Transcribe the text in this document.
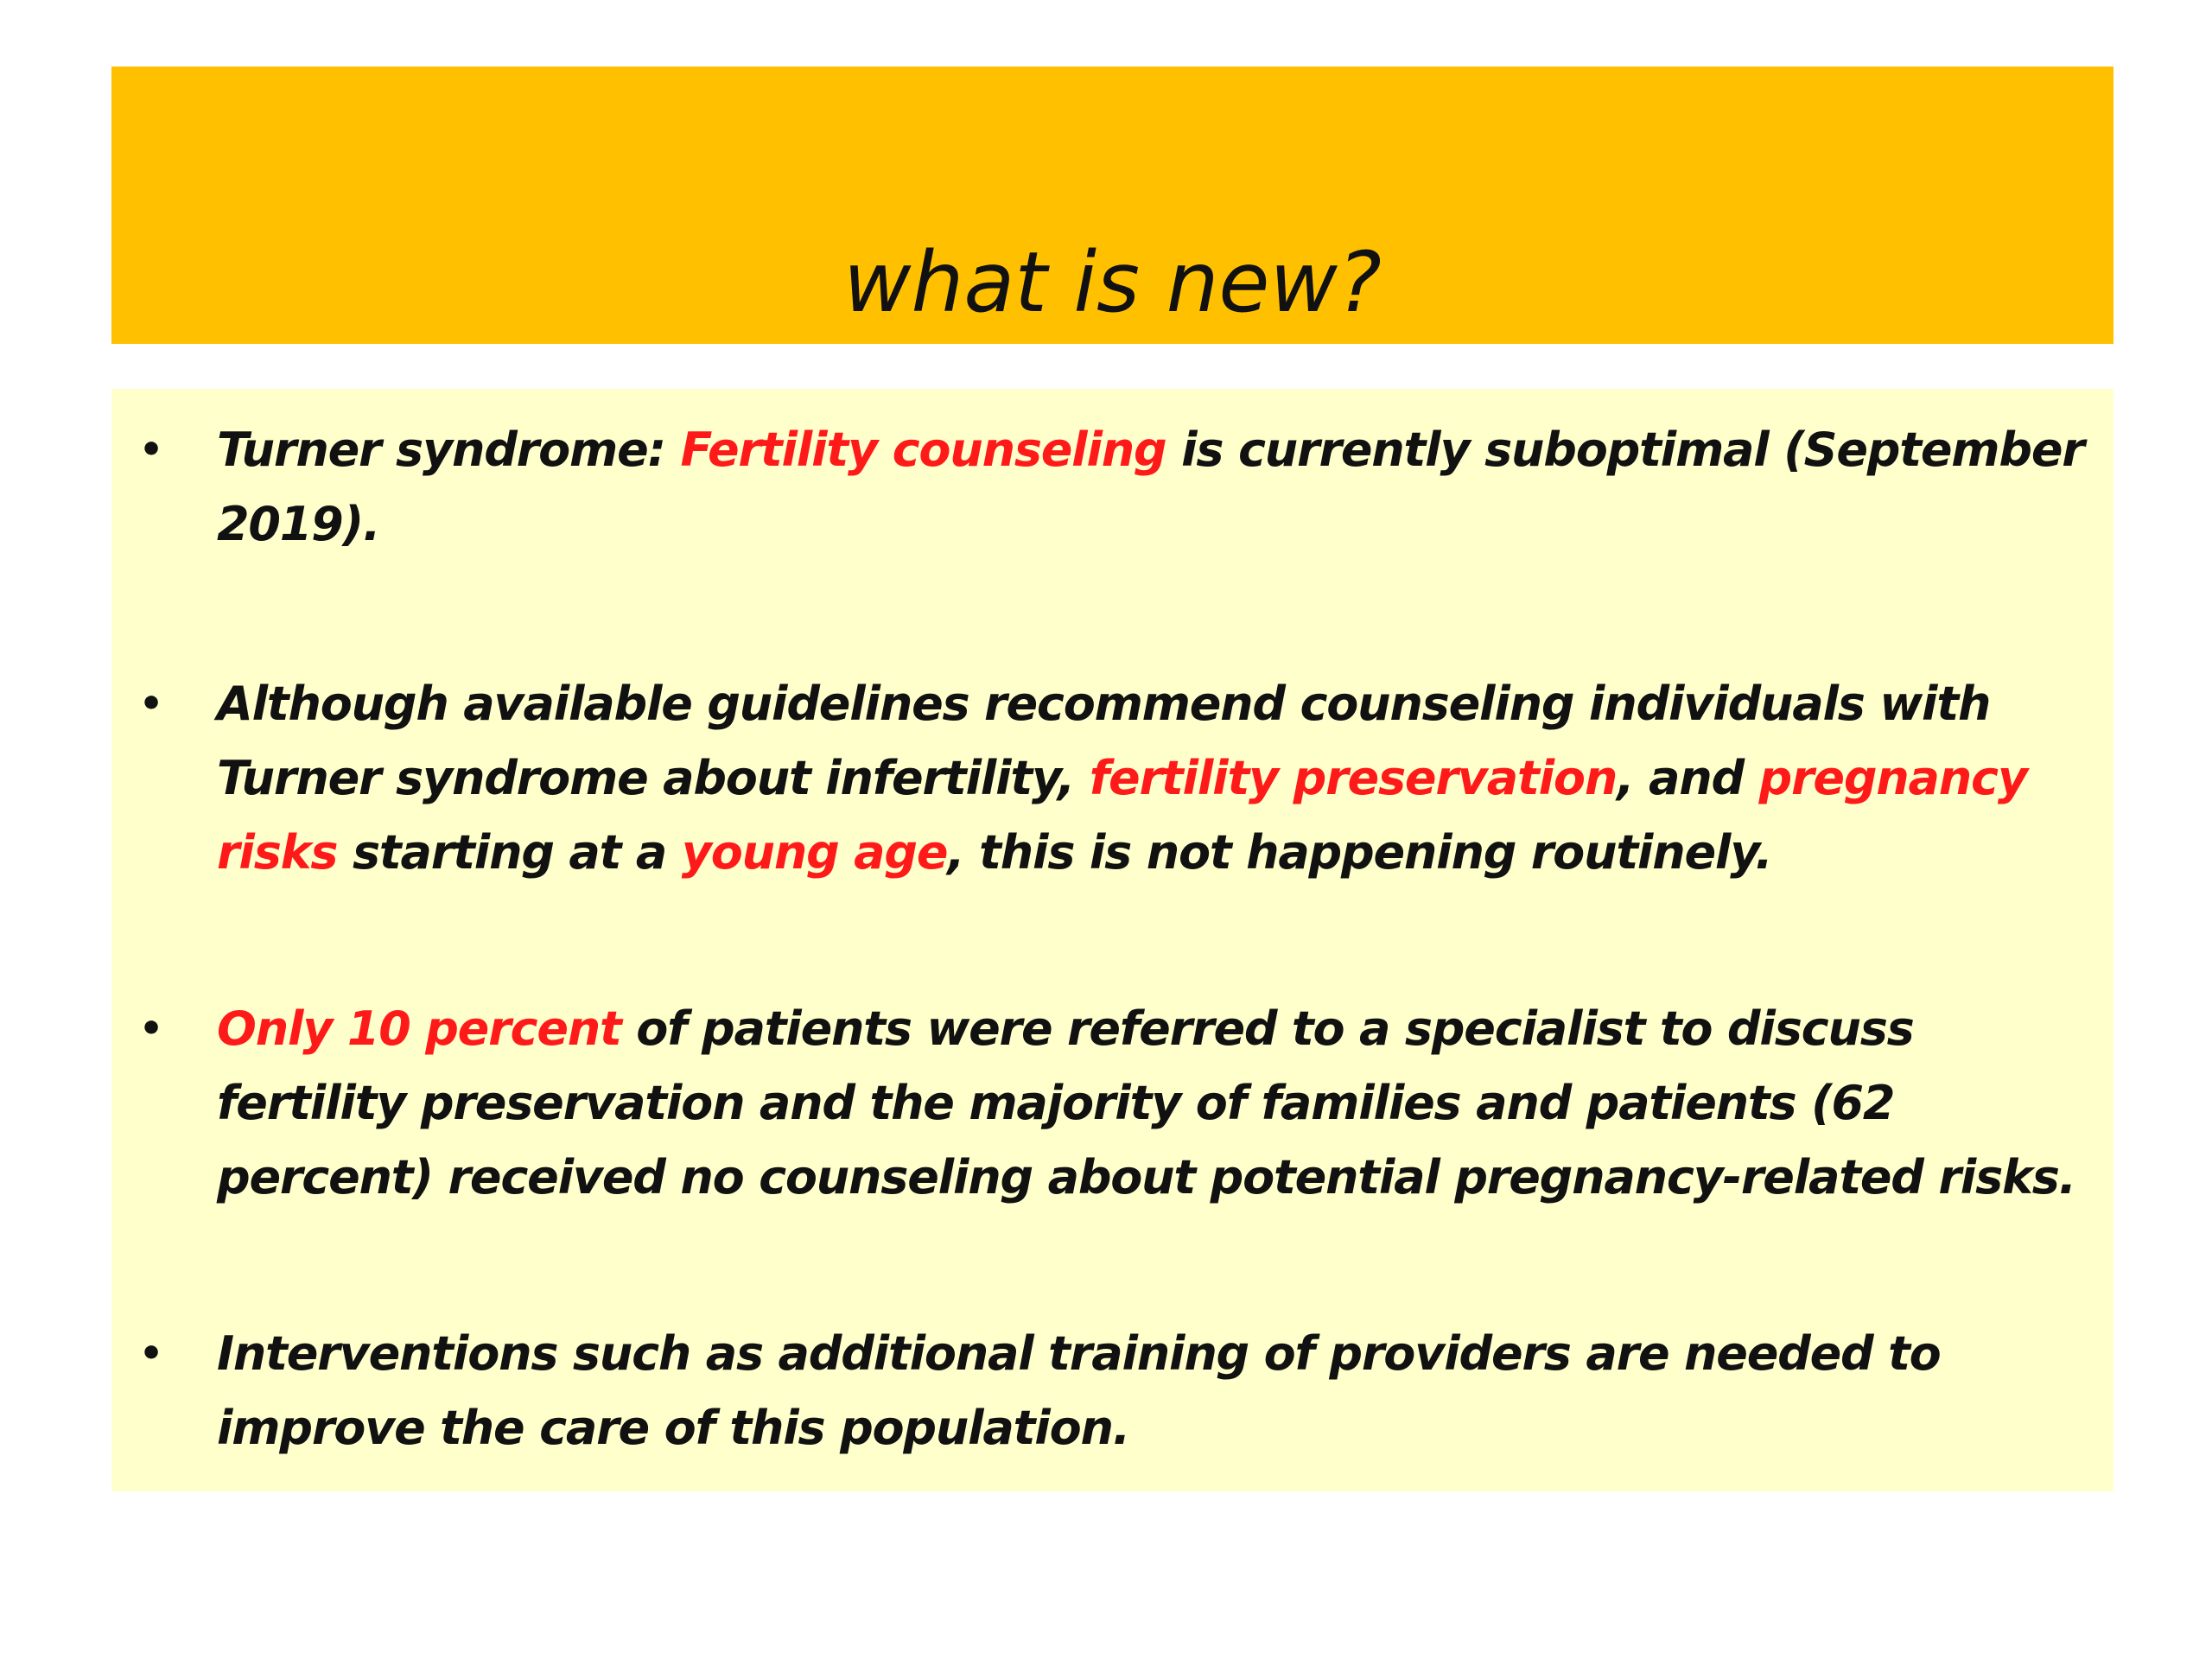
what is new?
• Turner syndrome: Fertility counseling is currently suboptimal (September 2019).

• Although available guidelines recommend counseling individuals with Turner syndrome about infertility, fertility preservation, and pregnancy risks starting at a young age, this is not happening routinely.

• Only 10 percent of patients were referred to a specialist to discuss fertility preservation and the majority of families and patients (62 percent) received no counseling about potential pregnancy-related risks.

• Interventions such as additional training of providers are needed to improve the care of this population.
